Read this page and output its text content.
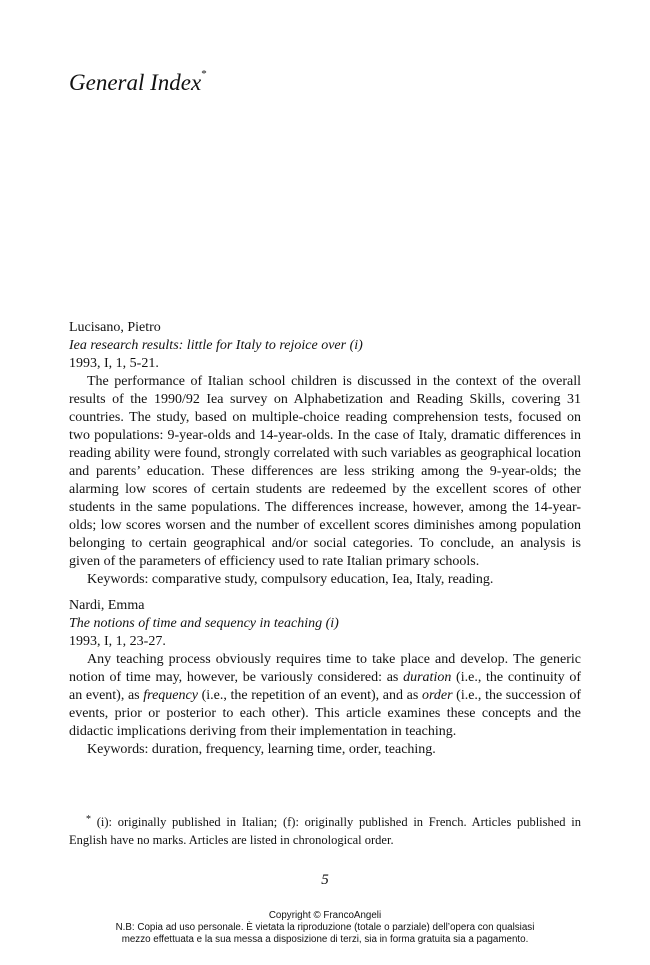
General Index*

Lucisano, Pietro

Iea research results: little for Italy to rejoice over (i)

1993, I, 1, 5-21.

The performance of Italian school children is discussed in the context of the overall results of the 1990/92 Iea survey on Alphabetization and Reading Skills, covering 31 countries. The study, based on multiple-choice reading comprehension tests, focused on two populations: 9-year-olds and 14-year-olds. In the case of Italy, dramatic differences in reading ability were found, strongly correlated with such variables as geographical location and parents’ education. These differences are less striking among the 9-year-olds; the alarming low scores of certain students are redeemed by the excellent scores of other students in the same populations. The differences increase, however, among the 14-year-olds; low scores worsen and the number of excellent scores diminishes among population belonging to certain geographical and/or social categories. To conclude, an analysis is given of the parameters of efficiency used to rate Italian primary schools.

Keywords: comparative study, compulsory education, Iea, Italy, reading.

Nardi, Emma

The notions of time and sequency in teaching (i)

1993, I, 1, 23-27.

Any teaching process obviously requires time to take place and develop. The generic notion of time may, however, be variously considered: as duration (i.e., the continuity of an event), as frequency (i.e., the repetition of an event), and as order (i.e., the succession of events, prior or posterior to each other). This article examines these concepts and the didactic implications deriving from their implementation in teaching.

Keywords: duration, frequency, learning time, order, teaching.

* (i): originally published in Italian; (f): originally published in French. Articles published in English have no marks. Articles are listed in chronological order.
5
Copyright © FrancoAngeli
N.B: Copia ad uso personale. È vietata la riproduzione (totale o parziale) dell’opera con qualsiasi
mezzo effettuata e la sua messa a disposizione di terzi, sia in forma gratuita sia a pagamento.
